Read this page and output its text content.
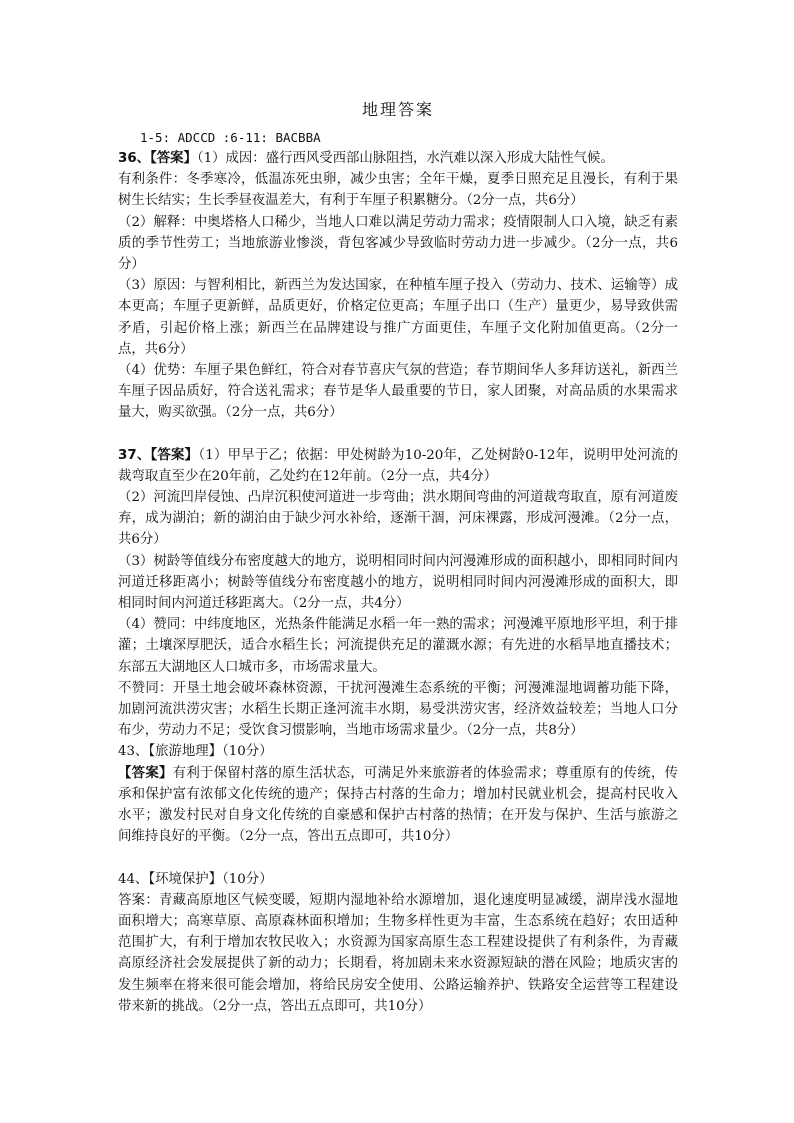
地理答案
1-5: ADCCD :6-11: BACBBA

36、【答案】（1）成因：盛行西风受西部山脉阻挡，水汽难以深入形成大陆性气候。

有利条件：冬季寒冷，低温冻死虫卵，减少虫害；全年干燥，夏季日照充足且漫长，有利于果树生长结实；生长季昼夜温差大，有利于车厘子积累糖分。（2分一点，共6分）

（2）解释：中奥塔格人口稀少，当地人口难以满足劳动力需求；疫情限制人口入境，缺乏有素质的季节性劳工；当地旅游业惨淡，背包客减少导致临时劳动力进一步减少。（2分一点，共6分）

（3）原因：与智利相比，新西兰为发达国家，在种植车厘子投入（劳动力、技术、运输等）成本更高；车厘子更新鲜，品质更好，价格定位更高；车厘子出口（生产）量更少，易导致供需矛盾，引起价格上涨；新西兰在品牌建设与推广方面更佳，车厘子文化附加值更高。（2分一点，共6分）

（4）优势：车厘子果色鲜红，符合对春节喜庆气氛的营造；春节期间华人多拜访送礼，新西兰车厘子因品质好，符合送礼需求；春节是华人最重要的节日，家人团聚，对高品质的水果需求量大，购买欲强。（2分一点，共6分）

37、【答案】（1）甲早于乙；依据：甲处树龄为10-20年，乙处树龄0-12年，说明甲处河流的裁弯取直至少在20年前，乙处约在12年前。（2分一点，共4分）

（2）河流凹岸侵蚀、凸岸沉积使河道进一步弯曲；洪水期间弯曲的河道裁弯取直，原有河道废弃，成为湖泊；新的湖泊由于缺少河水补给，逐渐干涸，河床裸露，形成河漫滩。（2分一点，共6分）

（3）树龄等值线分布密度越大的地方，说明相同时间内河漫滩形成的面积越小，即相同时间内河道迁移距离小；树龄等值线分布密度越小的地方，说明相同时间内河漫滩形成的面积大，即相同时间内河道迁移距离大。（2分一点，共4分）

（4）赞同：中纬度地区，光热条件能满足水稻一年一熟的需求；河漫滩平原地形平坦，利于排灌；土壤深厚肥沃，适合水稻生长；河流提供充足的灌溉水源；有先进的水稻旱地直播技术；东部五大湖地区人口城市多，市场需求量大。

不赞同：开垦土地会破坏森林资源，干扰河漫滩生态系统的平衡；河漫滩湿地调蓄功能下降，加剧河流洪涝灾害；水稻生长期正逢河流丰水期，易受洪涝灾害，经济效益较差；当地人口分布少，劳动力不足；受饮食习惯影响，当地市场需求量少。（2分一点，共8分）

43、【旅游地理】（10分）

【答案】有利于保留村落的原生活状态，可满足外来旅游者的体验需求；尊重原有的传统，传承和保护富有浓郁文化传统的遗产；保持古村落的生命力；增加村民就业机会，提高村民收入水平；激发村民对自身文化传统的自豪感和保护古村落的热情；在开发与保护、生活与旅游之间维持良好的平衡。（2分一点，答出五点即可，共10分）

44、【环境保护】（10分）

答案：青藏高原地区气候变暖，短期内湿地补给水源增加，退化速度明显减缓，湖岸浅水湿地面积增大；高寒草原、高原森林面积增加；生物多样性更为丰富，生态系统在趋好；农田适种范围扩大，有利于增加农牧民收入；水资源为国家高原生态工程建设提供了有利条件，为青藏高原经济社会发展提供了新的动力；长期看，将加剧未来水资源短缺的潜在风险；地质灾害的发生频率在将来很可能会增加，将给民房安全使用、公路运输养护、铁路安全运营等工程建设带来新的挑战。（2分一点，答出五点即可，共10分）
